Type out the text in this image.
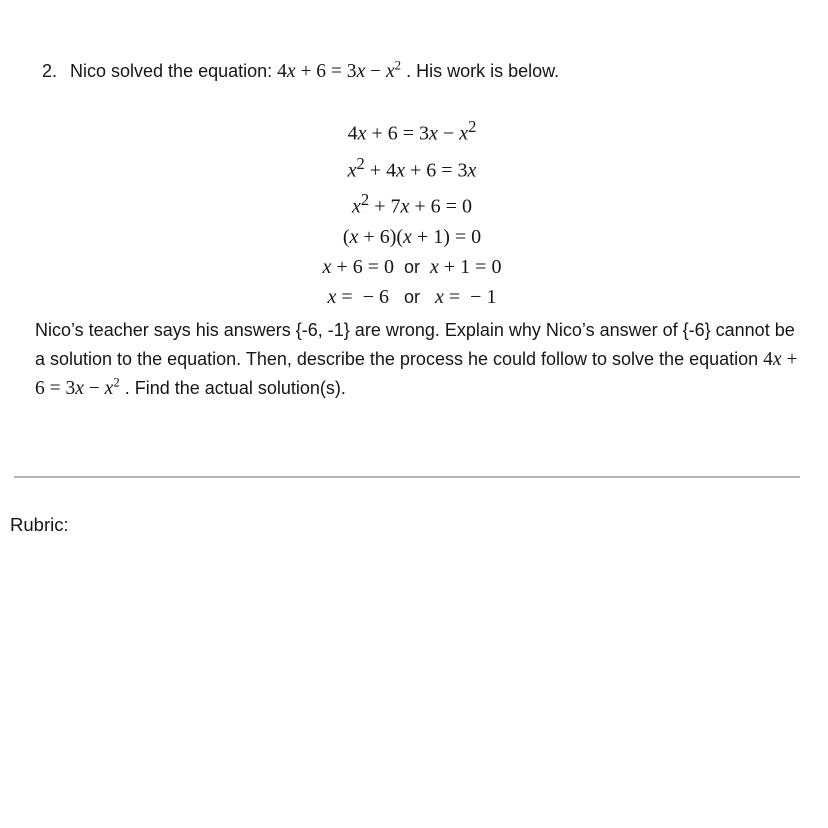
2. Nico solved the equation: $4x + 6 = 3x - x^2$ . His work is below.
$4x + 6 = 3x - x^2$
$x^2 + 4x + 6 = 3x$
$x^2 + 7x + 6 = 0$
(x + 6)(x + 1) = 0
x + 6 = 0  or x + 1 = 0
x =  − 6   or x =  − 1
Nico’s teacher says his answers {-6, -1} are wrong. Explain why Nico’s answer of {-6} cannot be a solution to the equation. Then, describe the process he could follow to solve the equation $4x + 6 = 3x - x^2$ . Find the actual solution(s).
Rubric:
